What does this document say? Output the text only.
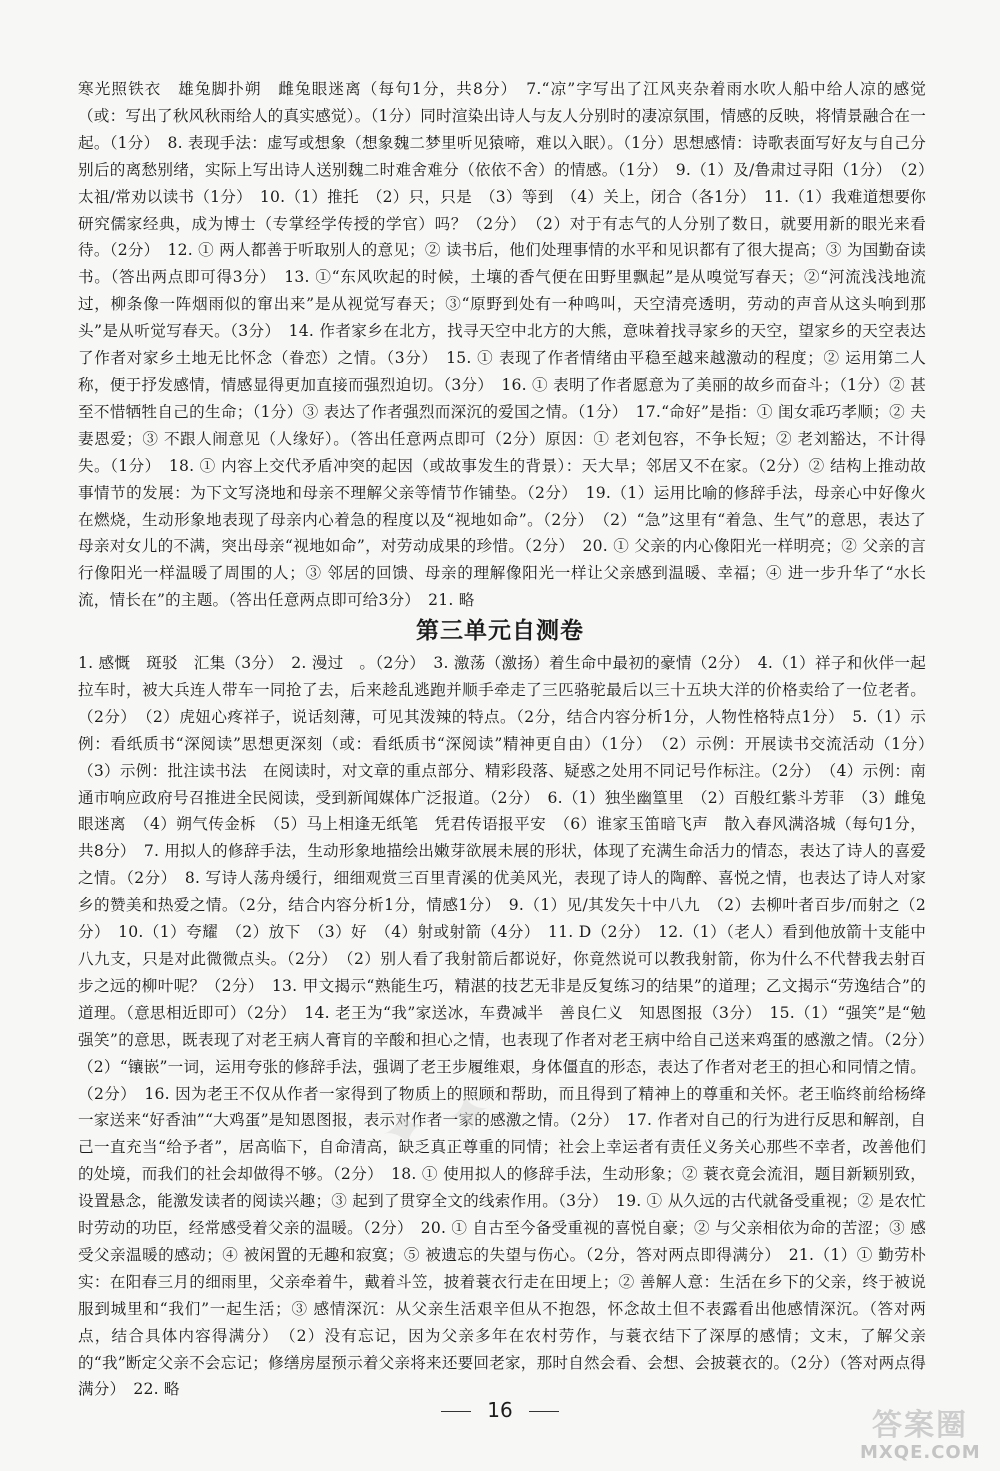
寒光照铁衣　雄兔脚扑朔　雌兔眼迷离（每句1分，共8分）　7.“凉”字写出了江风夹杂着雨水吹人船中给人凉的感觉（或：写出了秋风秋雨给人的真实感觉）。（1分）同时渲染出诗人与友人分别时的凄凉氛围，情感的反映，将情景融合在一起。（1分）　8. 表现手法：虚写或想象（想象魏二梦里听见猿啼，难以入眠）。（1分）思想感情：诗歌表面写好友与自己分别后的离愁别绪，实际上写出诗人送别魏二时难舍难分（依依不舍）的情感。（1分）　9.（1）及/鲁肃过寻阳（1分）　（2）太祖/常劝以读书（1分）　10.（1）推托　（2）只，只是　（3）等到　（4）关上，闭合（各1分）　11.（1）我难道想要你研究儒家经典，成为博士（专掌经学传授的学官）吗？（2分）　（2）对于有志气的人分别了数日，就要用新的眼光来看待。（2分）　12. ① 两人都善于听取别人的意见；② 读书后，他们处理事情的水平和见识都有了很大提高；③ 为国勤奋读书。（答出两点即可得3分）　13. ①“东风吹起的时候，土壤的香气便在田野里飘起”是从嗅觉写春天；②“河流浅浅地流过，柳条像一阵烟雨似的窜出来”是从视觉写春天；③“原野到处有一种鸣叫，天空清亮透明，劳动的声音从这头响到那头”是从听觉写春天。（3分）　14. 作者家乡在北方，找寻天空中北方的大熊，意味着找寻家乡的天空，望家乡的天空表达了作者对家乡土地无比怀念（眷恋）之情。（3分）　15. ① 表现了作者情绪由平稳至越来越激动的程度；② 运用第二人称，便于抒发感情，情感显得更加直接而强烈迫切。（3分）　16. ① 表明了作者愿意为了美丽的故乡而奋斗；（1分）② 甚至不惜牺牲自己的生命；（1分）③ 表达了作者强烈而深沉的爱国之情。（1分）　17.“命好”是指：① 闺女乖巧孝顺；② 夫妻恩爱；③ 不跟人闹意见（人缘好）。（答出任意两点即可（2分）原因：① 老刘包容，不争长短；② 老刘豁达，不计得失。（1分）　18. ① 内容上交代矛盾冲突的起因（或故事发生的背景）：天大旱；邻居又不在家。（2分）② 结构上推动故事情节的发展：为下文写浇地和母亲不理解父亲等情节作铺垫。（2分）　19.（1）运用比喻的修辞手法，母亲心中好像火在燃烧，生动形象地表现了母亲内心着急的程度以及“视地如命”。（2分）　（2）“急”这里有“着急、生气”的意思，表达了母亲对女儿的不满，突出母亲“视地如命”，对劳动成果的珍惜。（2分）　20. ① 父亲的内心像阳光一样明亮；② 父亲的言行像阳光一样温暖了周围的人；③ 邻居的回馈、母亲的理解像阳光一样让父亲感到温暖、幸福；④ 进一步升华了“水长流，情长在”的主题。（答出任意两点即可给3分）　21. 略
第三单元自测卷
1. 感慨　斑驳　汇集（3分）　2. 漫过　。（2分）　3. 激荡（激扬）着生命中最初的豪情（2分）　4.（1）祥子和伙伴一起拉车时，被大兵连人带车一同抢了去，后来趁乱逃跑并顺手牵走了三匹骆驼最后以三十五块大洋的价格卖给了一位老者。（2分）　（2）虎妞心疼祥子，说话刻薄，可见其泼辣的特点。（2分，结合内容分析1分，人物性格特点1分）　5.（1）示例：看纸质书“深阅读”思想更深刻（或：看纸质书“深阅读”精神更自由）（1分）　（2）示例：开展读书交流活动（1分）　（3）示例：批注读书法　在阅读时，对文章的重点部分、精彩段落、疑惑之处用不同记号作标注。（2分）　（4）示例：南通市响应政府号召推进全民阅读，受到新闻媒体广泛报道。（2分）　6.（1）独坐幽篁里　（2）百般红紫斗芳菲　（3）雌兔眼迷离　（4）朔气传金柝　（5）马上相逢无纸笔　凭君传语报平安　（6）谁家玉笛暗飞声　散入春风满洛城（每句1分，共8分）　7. 用拟人的修辞手法，生动形象地描绘出嫩芽欲展未展的形状，体现了充满生命活力的情态，表达了诗人的喜爱之情。（2分）　8. 写诗人荡舟缓行，细细观赏三百里青溪的优美风光，表现了诗人的陶醉、喜悦之情，也表达了诗人对家乡的赞美和热爱之情。（2分，结合内容分析1分，情感1分）　9.（1）见/其发矢十中八九　（2）去柳叶者百步/而射之（2分）　10.（1）夸耀　（2）放下　（3）好　（4）射或射箭（4分）　11. D（2分）　12.（1）（老人）看到他放箭十支能中八九支，只是对此微微点头。（2分）　（2）别人看了我射箭后都说好，你竟然说可以教我射箭，你为什么不代替我去射百步之远的柳叶呢？（2分）　13. 甲文揭示“熟能生巧，精湛的技艺无非是反复练习的结果”的道理；乙文揭示“劳逸结合”的道理。（意思相近即可）（2分）　14. 老王为“我”家送冰，车费减半　善良仁义　知恩图报（3分）　15.（1）“强笑”是“勉强笑”的意思，既表现了对老王病人膏肓的辛酸和担心之情，也表现了作者对老王病中给自己送来鸡蛋的感激之情。（2分）　（2）“镶嵌”一词，运用夸张的修辞手法，强调了老王步履维艰，身体僵直的形态，表达了作者对老王的担心和同情之情。（2分）　16. 因为老王不仅从作者一家得到了物质上的照顾和帮助，而且得到了精神上的尊重和关怀。老王临终前给杨绛一家送来“好香油”“大鸡蛋”是知恩图报，表示对作者一家的感激之情。（2分）　17. 作者对自己的行为进行反思和解剖，自己一直充当“给予者”，居高临下，自命清高，缺乏真正尊重的同情；社会上幸运者有责任义务关心那些不幸者，改善他们的处境，而我们的社会却做得不够。（2分）　18. ① 使用拟人的修辞手法，生动形象；② 蓑衣竟会流泪，题目新颖别致，设置悬念，能激发读者的阅读兴趣；③ 起到了贯穿全文的线索作用。（3分）　19. ① 从久远的古代就备受重视；② 是农忙时劳动的功臣，经常感受着父亲的温暖。（2分）　20. ① 自古至今备受重视的喜悦自豪；② 与父亲相依为命的苦涩；③ 感受父亲温暖的感动；④ 被闲置的无趣和寂寞；⑤ 被遗忘的失望与伤心。（2分，答对两点即得满分）　21.（1）① 勤劳朴实：在阳春三月的细雨里，父亲牵着牛，戴着斗笠，披着蓑衣行走在田埂上；② 善解人意：生活在乡下的父亲，终于被说服到城里和“我们”一起生活；③ 感情深沉：从父亲生活艰辛但从不抱怨，怀念故土但不表露看出他感情深沉。（答对两点，结合具体内容得满分）　（2）没有忘记，因为父亲多年在农村劳作，与蓑衣结下了深厚的感情；文末，了解父亲的“我”断定父亲不会忘记；修缮房屋预示着父亲将来还要回老家，那时自然会看、会想、会披蓑衣的。（2分）（答对两点得满分）　22. 略
✦ ✦
16	答案圈
MXQE.COM
